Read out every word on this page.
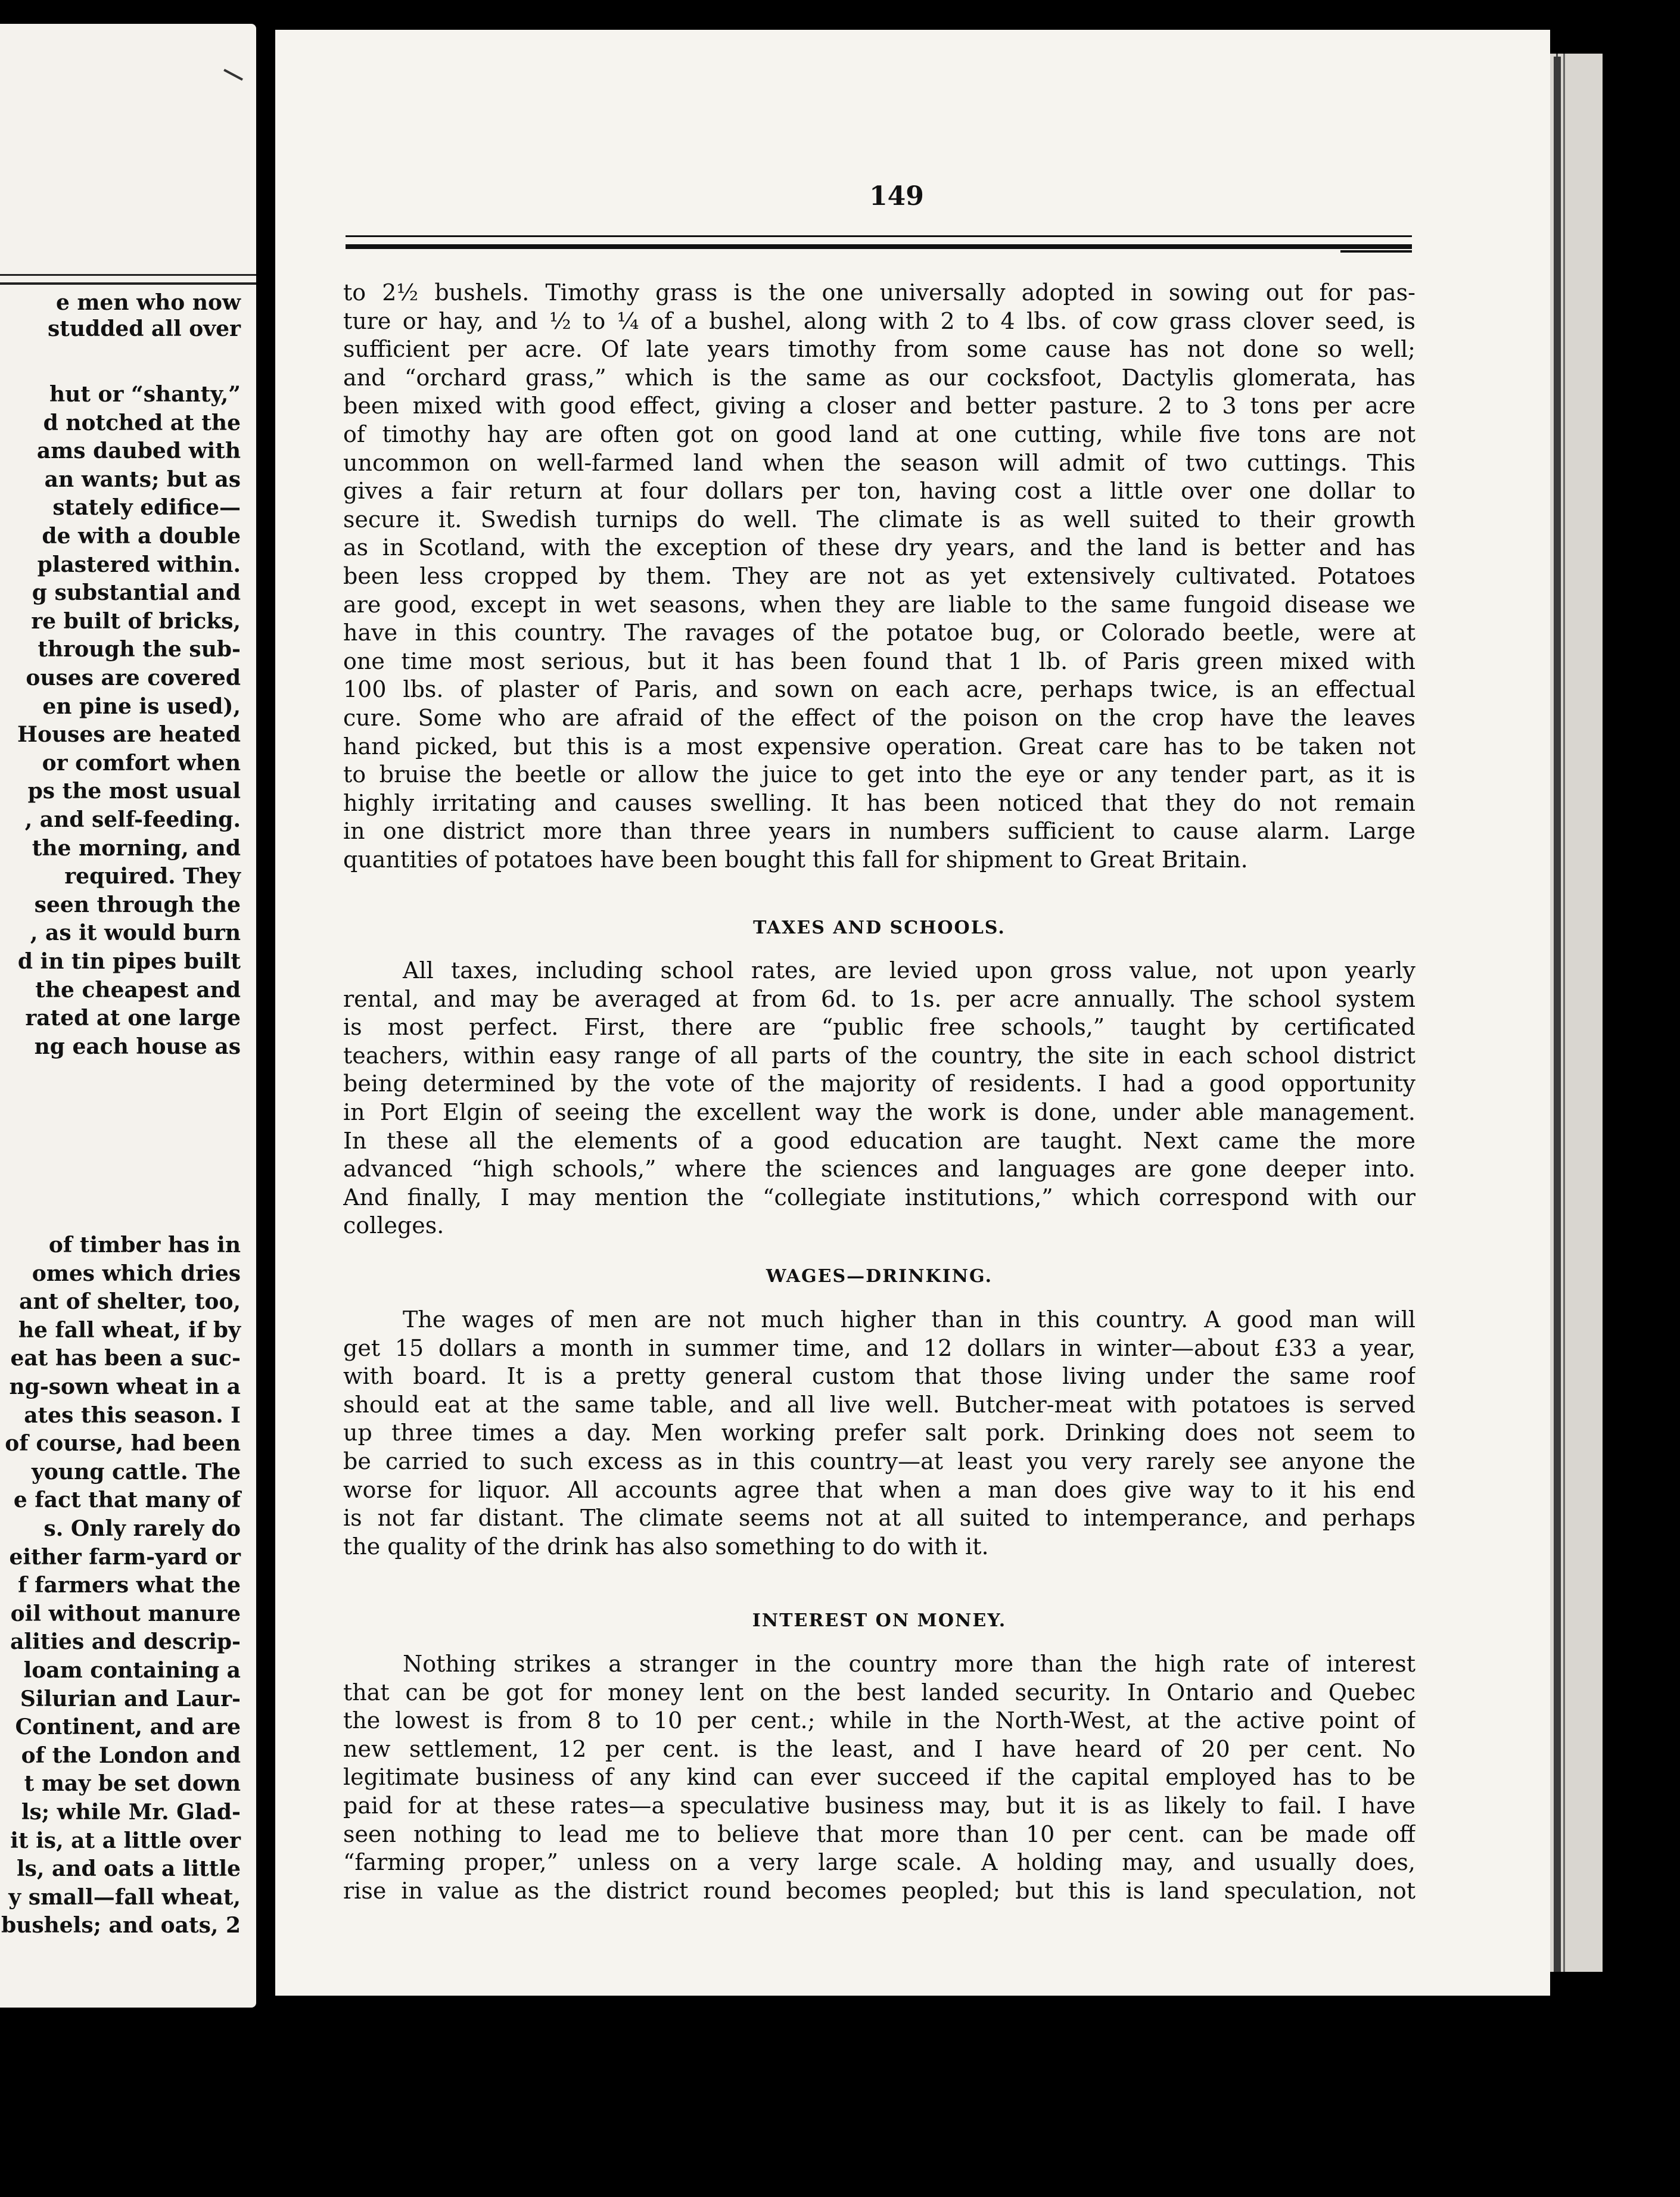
e men who now
studded all over
hut or “shanty,”
d notched at the
ams daubed with
an wants; but as
stately edifice—
de with a double
plastered within.
g substantial and
re built of bricks,
through the sub-
ouses are covered
en pine is used),
Houses are heated
or comfort when
ps the most usual
, and self-feeding.
the morning, and
required. They
seen through the
, as it would burn
d in tin pipes built
the cheapest and
rated at one large
ng each house as
of timber has in
omes which dries
ant of shelter, too,
he fall wheat, if by
eat has been a suc-
ng-sown wheat in a
ates this season. I
of course, had been
young cattle. The
e fact that many of
s. Only rarely do
either farm-yard or
f farmers what the
oil without manure
alities and descrip-
loam containing a
Silurian and Laur-
Continent, and are
of the London and
t may be set down
ls; while Mr. Glad-
it is, at a little over
ls, and oats a little
y small—fall wheat,
bushels; and oats, 2
149
to 2½ bushels. Timothy grass is the one universally adopted in sowing out for pas-
ture or hay, and ½ to ¼ of a bushel, along with 2 to 4 lbs. of cow grass clover seed, is
sufficient per acre. Of late years timothy from some cause has not done so well;
and “orchard grass,” which is the same as our cocksfoot, Dactylis glomerata, has
been mixed with good effect, giving a closer and better pasture. 2 to 3 tons per acre
of timothy hay are often got on good land at one cutting, while five tons are not
uncommon on well-farmed land when the season will admit of two cuttings. This
gives a fair return at four dollars per ton, having cost a little over one dollar to
secure it. Swedish turnips do well. The climate is as well suited to their growth
as in Scotland, with the exception of these dry years, and the land is better and has
been less cropped by them. They are not as yet extensively cultivated. Potatoes
are good, except in wet seasons, when they are liable to the same fungoid disease we
have in this country. The ravages of the potatoe bug, or Colorado beetle, were at
one time most serious, but it has been found that 1 lb. of Paris green mixed with
100 lbs. of plaster of Paris, and sown on each acre, perhaps twice, is an effectual
cure. Some who are afraid of the effect of the poison on the crop have the leaves
hand picked, but this is a most expensive operation. Great care has to be taken not
to bruise the beetle or allow the juice to get into the eye or any tender part, as it is
highly irritating and causes swelling. It has been noticed that they do not remain
in one district more than three years in numbers sufficient to cause alarm. Large
quantities of potatoes have been bought this fall for shipment to Great Britain.
TAXES AND SCHOOLS.
All taxes, including school rates, are levied upon gross value, not upon yearly
rental, and may be averaged at from 6d. to 1s. per acre annually. The school system
is most perfect. First, there are “public free schools,” taught by certificated
teachers, within easy range of all parts of the country, the site in each school district
being determined by the vote of the majority of residents. I had a good opportunity
in Port Elgin of seeing the excellent way the work is done, under able management.
In these all the elements of a good education are taught. Next came the more
advanced “high schools,” where the sciences and languages are gone deeper into.
And finally, I may mention the “collegiate institutions,” which correspond with our
colleges.
WAGES—DRINKING.
The wages of men are not much higher than in this country. A good man will
get 15 dollars a month in summer time, and 12 dollars in winter—about £33 a year,
with board. It is a pretty general custom that those living under the same roof
should eat at the same table, and all live well. Butcher-meat with potatoes is served
up three times a day. Men working prefer salt pork. Drinking does not seem to
be carried to such excess as in this country—at least you very rarely see anyone the
worse for liquor. All accounts agree that when a man does give way to it his end
is not far distant. The climate seems not at all suited to intemperance, and perhaps
the quality of the drink has also something to do with it.
INTEREST ON MONEY.
Nothing strikes a stranger in the country more than the high rate of interest
that can be got for money lent on the best landed security. In Ontario and Quebec
the lowest is from 8 to 10 per cent.; while in the North-West, at the active point of
new settlement, 12 per cent. is the least, and I have heard of 20 per cent. No
legitimate business of any kind can ever succeed if the capital employed has to be
paid for at these rates—a speculative business may, but it is as likely to fail. I have
seen nothing to lead me to believe that more than 10 per cent. can be made off
“farming proper,” unless on a very large scale. A holding may, and usually does,
rise in value as the district round becomes peopled; but this is land speculation, not
